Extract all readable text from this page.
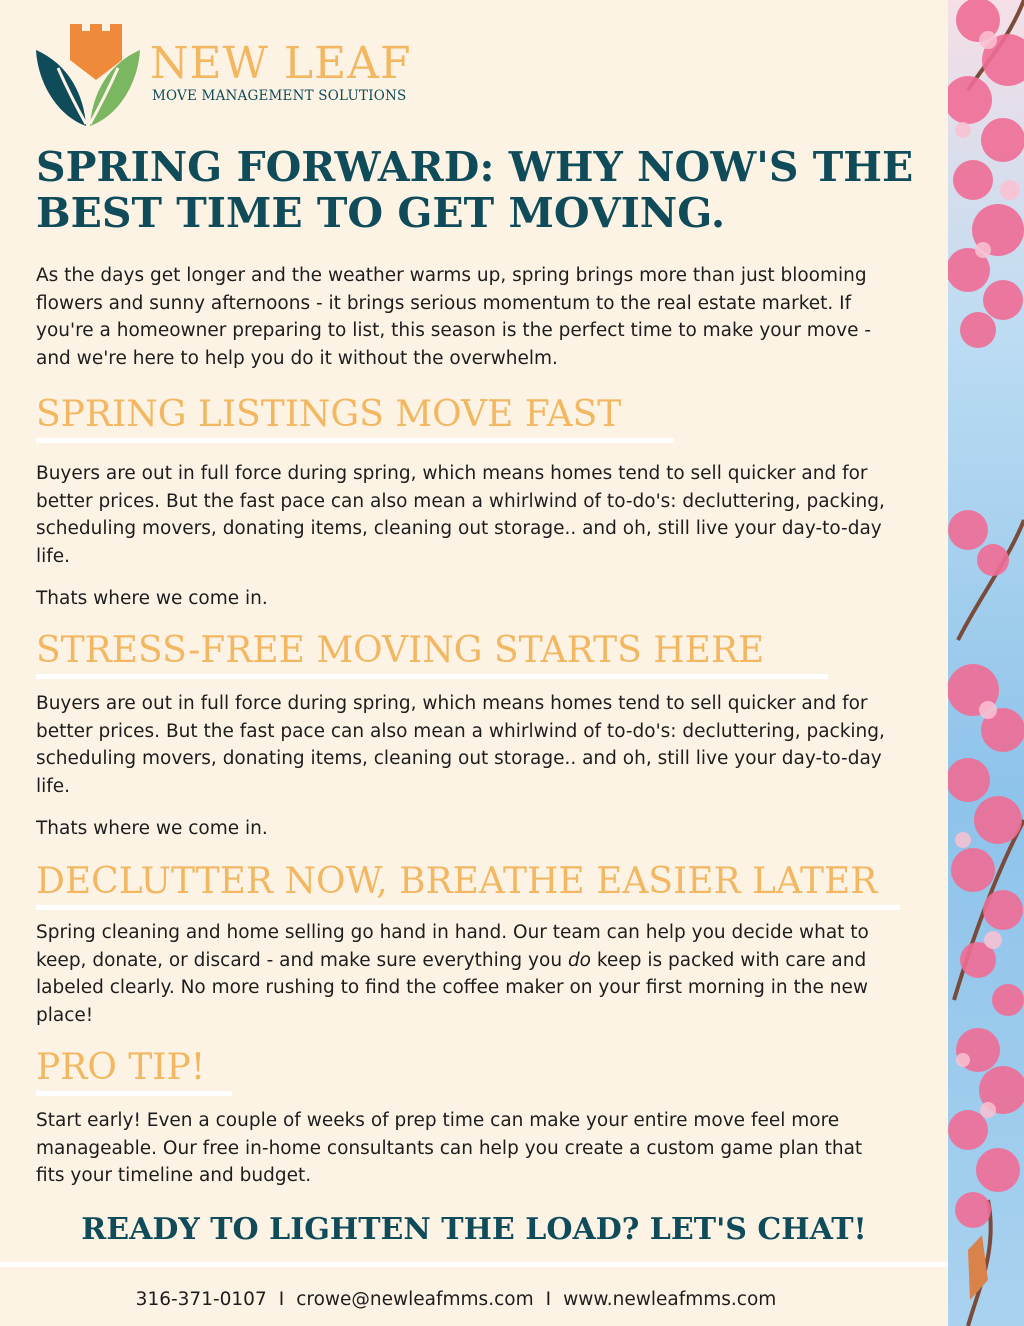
NEW LEAF
MOVE MANAGEMENT SOLUTIONS
SPRING FORWARD: WHY NOW'S THE BEST TIME TO GET MOVING.

As the days get longer and the weather warms up, spring brings more than just blooming flowers and sunny afternoons - it brings serious momentum to the real estate market. If you're a homeowner preparing to list, this season is the perfect time to make your move - and we're here to help you do it without the overwhelm.

SPRING LISTINGS MOVE FAST

Buyers are out in full force during spring, which means homes tend to sell quicker and for better prices. But the fast pace can also mean a whirlwind of to-do's: decluttering, packing, scheduling movers, donating items, cleaning out storage.. and oh, still live your day-to-day life.

Thats where we come in.

STRESS-FREE MOVING STARTS HERE

Buyers are out in full force during spring, which means homes tend to sell quicker and for better prices. But the fast pace can also mean a whirlwind of to-do's: decluttering, packing, scheduling movers, donating items, cleaning out storage.. and oh, still live your day-to-day life.

Thats where we come in.

DECLUTTER NOW, BREATHE EASIER LATER

Spring cleaning and home selling go hand in hand. Our team can help you decide what to keep, donate, or discard - and make sure everything you do keep is packed with care and labeled clearly. No more rushing to find the coffee maker on your first morning in the new place!

PRO TIP!

Start early! Even a couple of weeks of prep time can make your entire move feel more manageable. Our free in-home consultants can help you create a custom game plan that fits your timeline and budget.

READY TO LIGHTEN THE LOAD? LET'S CHAT!
316-371-0107 I crowe@newleafmms.com I www.newleafmms.com
